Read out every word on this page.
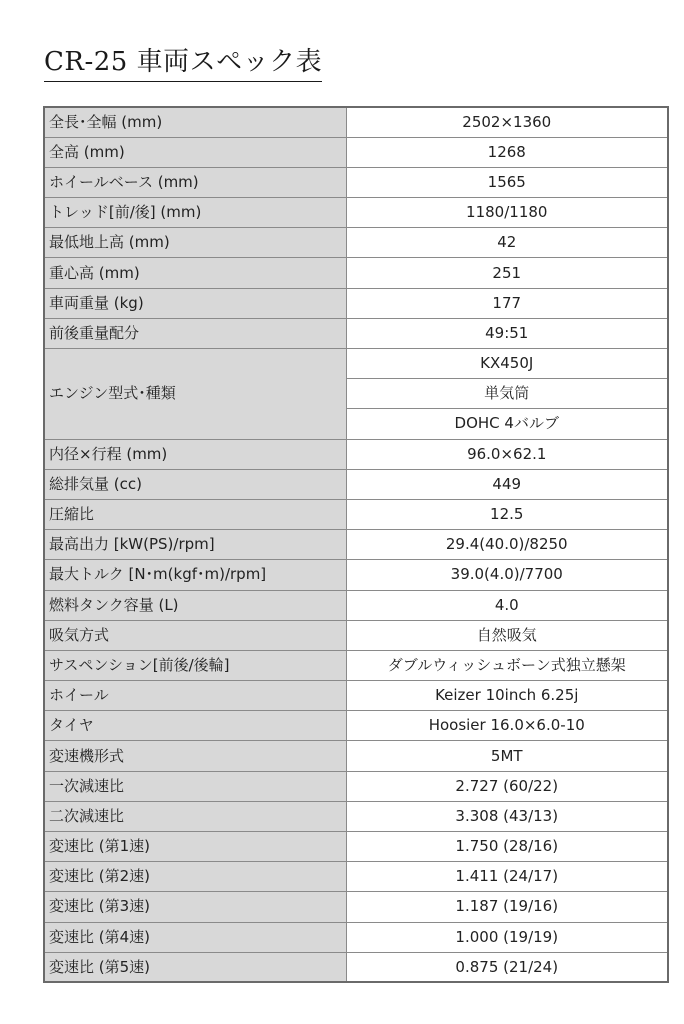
CR-25 車両スペック表
全長･全幅 (mm)	2502×1360
全高 (mm)	1268
ホイールベース (mm)	1565
トレッド[前/後] (mm)	1180/1180
最低地上高 (mm)	42
重心高 (mm)	251
車両重量 (kg)	177
前後重量配分	49:51
エンジン型式･種類	KX450J
	単気筒
	DOHC 4バルブ
内径×行程 (mm)	96.0×62.1
総排気量 (cc)	449
圧縮比	12.5
最高出力 [kW(PS)/rpm]	29.4(40.0)/8250
最大トルク [N･m(kgf･m)/rpm]	39.0(4.0)/7700
燃料タンク容量 (L)	4.0
吸気方式	自然吸気
サスペンション[前後/後輪]	ダブルウィッシュボーン式独立懸架
ホイール	Keizer 10inch 6.25j
タイヤ	Hoosier 16.0×6.0-10
変速機形式	5MT
一次減速比	2.727 (60/22)
二次減速比	3.308 (43/13)
変速比 (第1速)	1.750 (28/16)
変速比 (第2速)	1.411 (24/17)
変速比 (第3速)	1.187 (19/16)
変速比 (第4速)	1.000 (19/19)
変速比 (第5速)	0.875 (21/24)
